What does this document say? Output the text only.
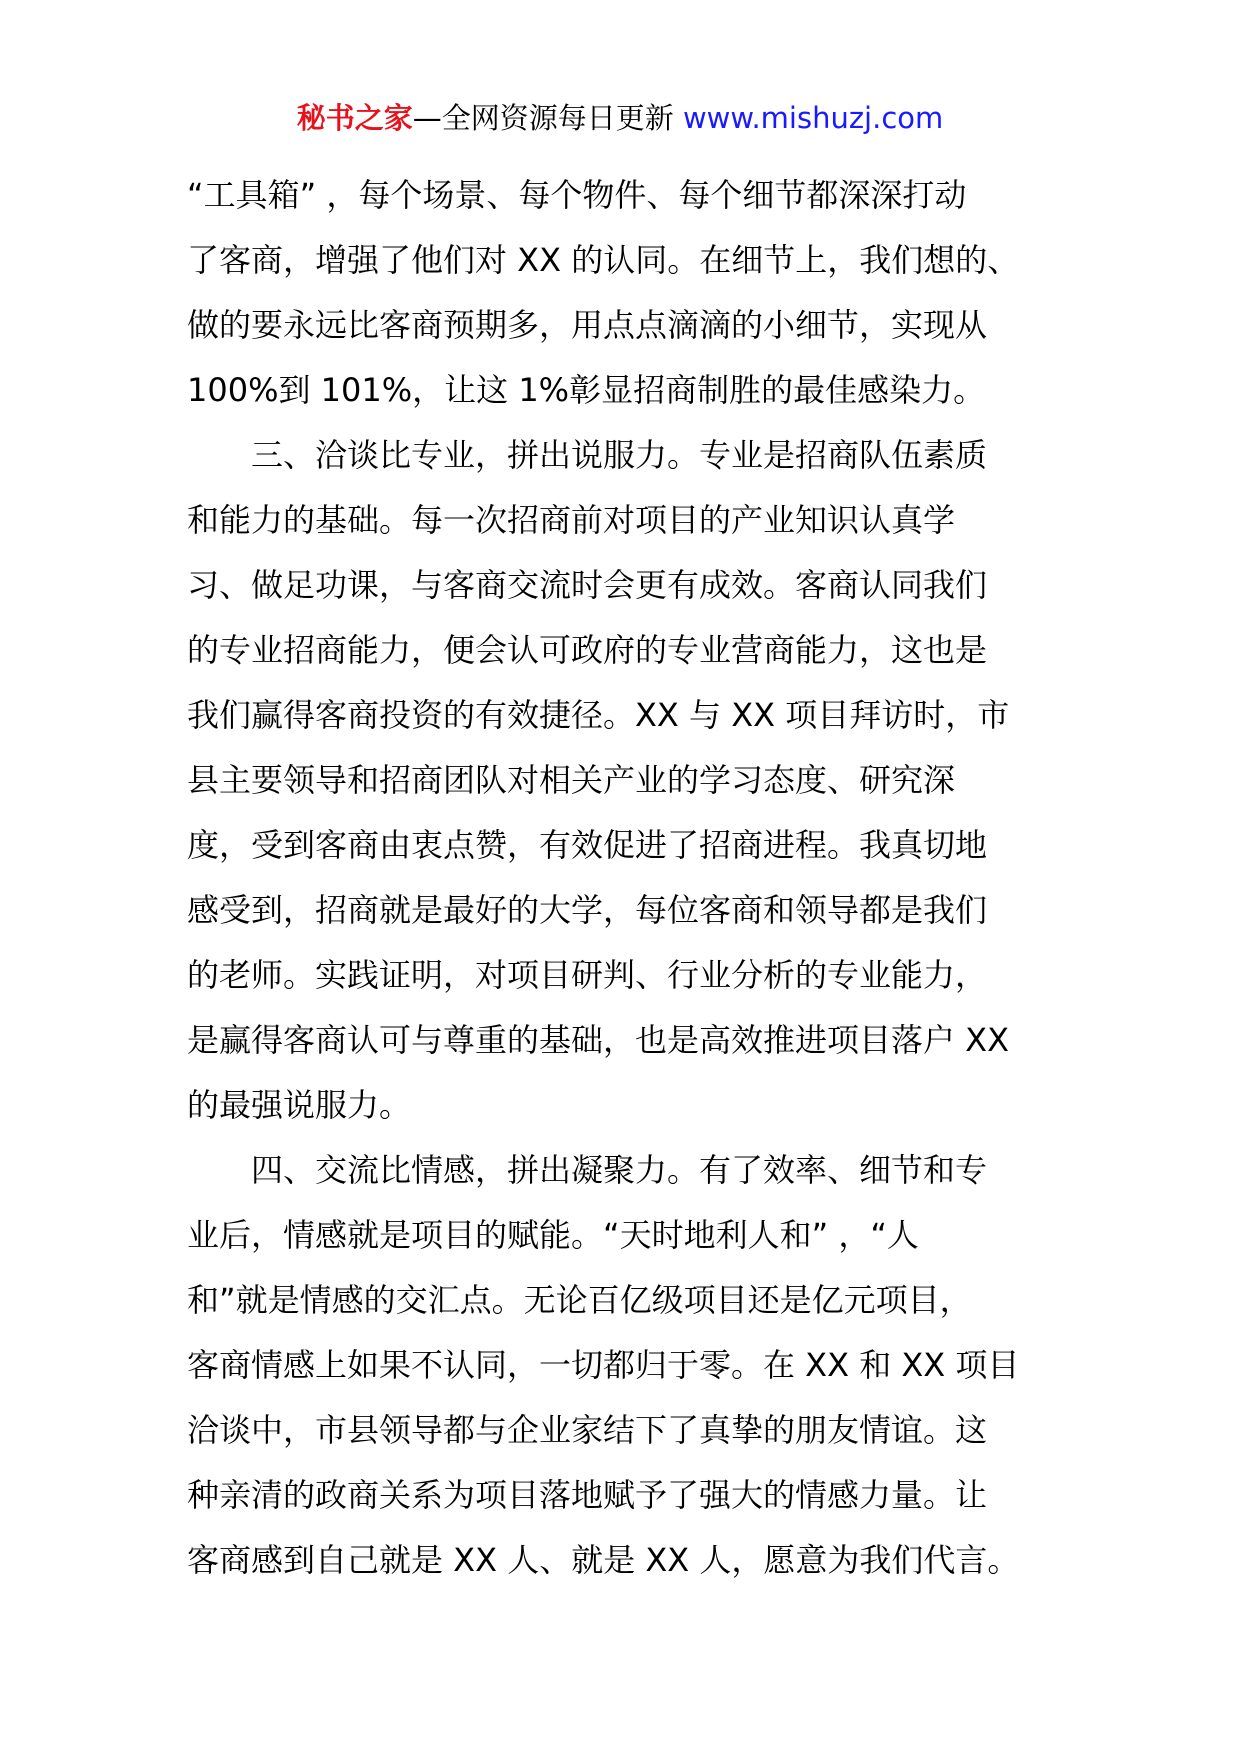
秘书之家—全网资源每日更新 www.mishuzj.com
“工具箱” ，每个场景、每个物件、每个细节都深深打动
了客商，增强了他们对 XX 的认同。在细节上，我们想的、
做的要永远比客商预期多，用点点滴滴的小细节，实现从
100%到 101%，让这 1%彰显招商制胜的最佳感染力。
三、洽谈比专业，拼出说服力。专业是招商队伍素质
和能力的基础。每一次招商前对项目的产业知识认真学
习、做足功课，与客商交流时会更有成效。客商认同我们
的专业招商能力，便会认可政府的专业营商能力，这也是
我们赢得客商投资的有效捷径。XX 与 XX 项目拜访时，市
县主要领导和招商团队对相关产业的学习态度、研究深
度，受到客商由衷点赞，有效促进了招商进程。我真切地
感受到，招商就是最好的大学，每位客商和领导都是我们
的老师。实践证明，对项目研判、行业分析的专业能力，
是赢得客商认可与尊重的基础，也是高效推进项目落户 XX
的最强说服力。
四、交流比情感，拼出凝聚力。有了效率、细节和专
业后，情感就是项目的赋能。“天时地利人和” ，“人
和”就是情感的交汇点。无论百亿级项目还是亿元项目，
客商情感上如果不认同，一切都归于零。在 XX 和 XX 项目
洽谈中，市县领导都与企业家结下了真挚的朋友情谊。这
种亲清的政商关系为项目落地赋予了强大的情感力量。让
客商感到自己就是 XX 人、就是 XX 人，愿意为我们代言。
